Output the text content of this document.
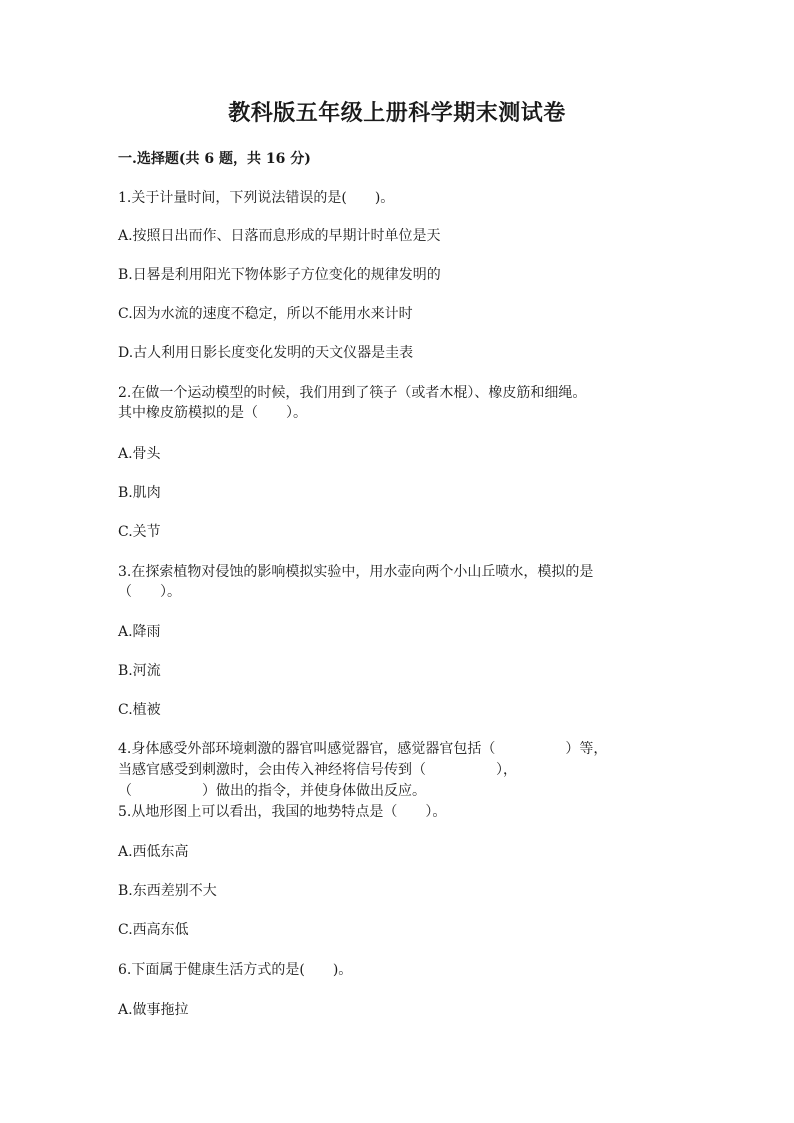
教科版五年级上册科学期末测试卷
一.选择题(共 6 题，共 16 分)
1.关于计量时间，下列说法错误的是(　　)。
A.按照日出而作、日落而息形成的早期计时单位是天
B.日晷是利用阳光下物体影子方位变化的规律发明的
C.因为水流的速度不稳定，所以不能用水来计时
D.古人利用日影长度变化发明的天文仪器是圭表
2.在做一个运动模型的时候，我们用到了筷子（或者木棍）、橡皮筋和细绳。
其中橡皮筋模拟的是（　　）。
A.骨头
B.肌肉
C.关节
3.在探索植物对侵蚀的影响模拟实验中，用水壶向两个小山丘喷水，模拟的是
（　　）。
A.降雨
B.河流
C.植被
4.身体感受外部环境刺激的器官叫感觉器官，感觉器官包括（　　　　　）等，
当感官感受到刺激时，会由传入神经将信号传到（　　　　　），
（　　　　　）做出的指令，并使身体做出反应。
5.从地形图上可以看出，我国的地势特点是（　　）。
A.西低东高
B.东西差别不大
C.西高东低
6.下面属于健康生活方式的是(　　)。
A.做事拖拉
